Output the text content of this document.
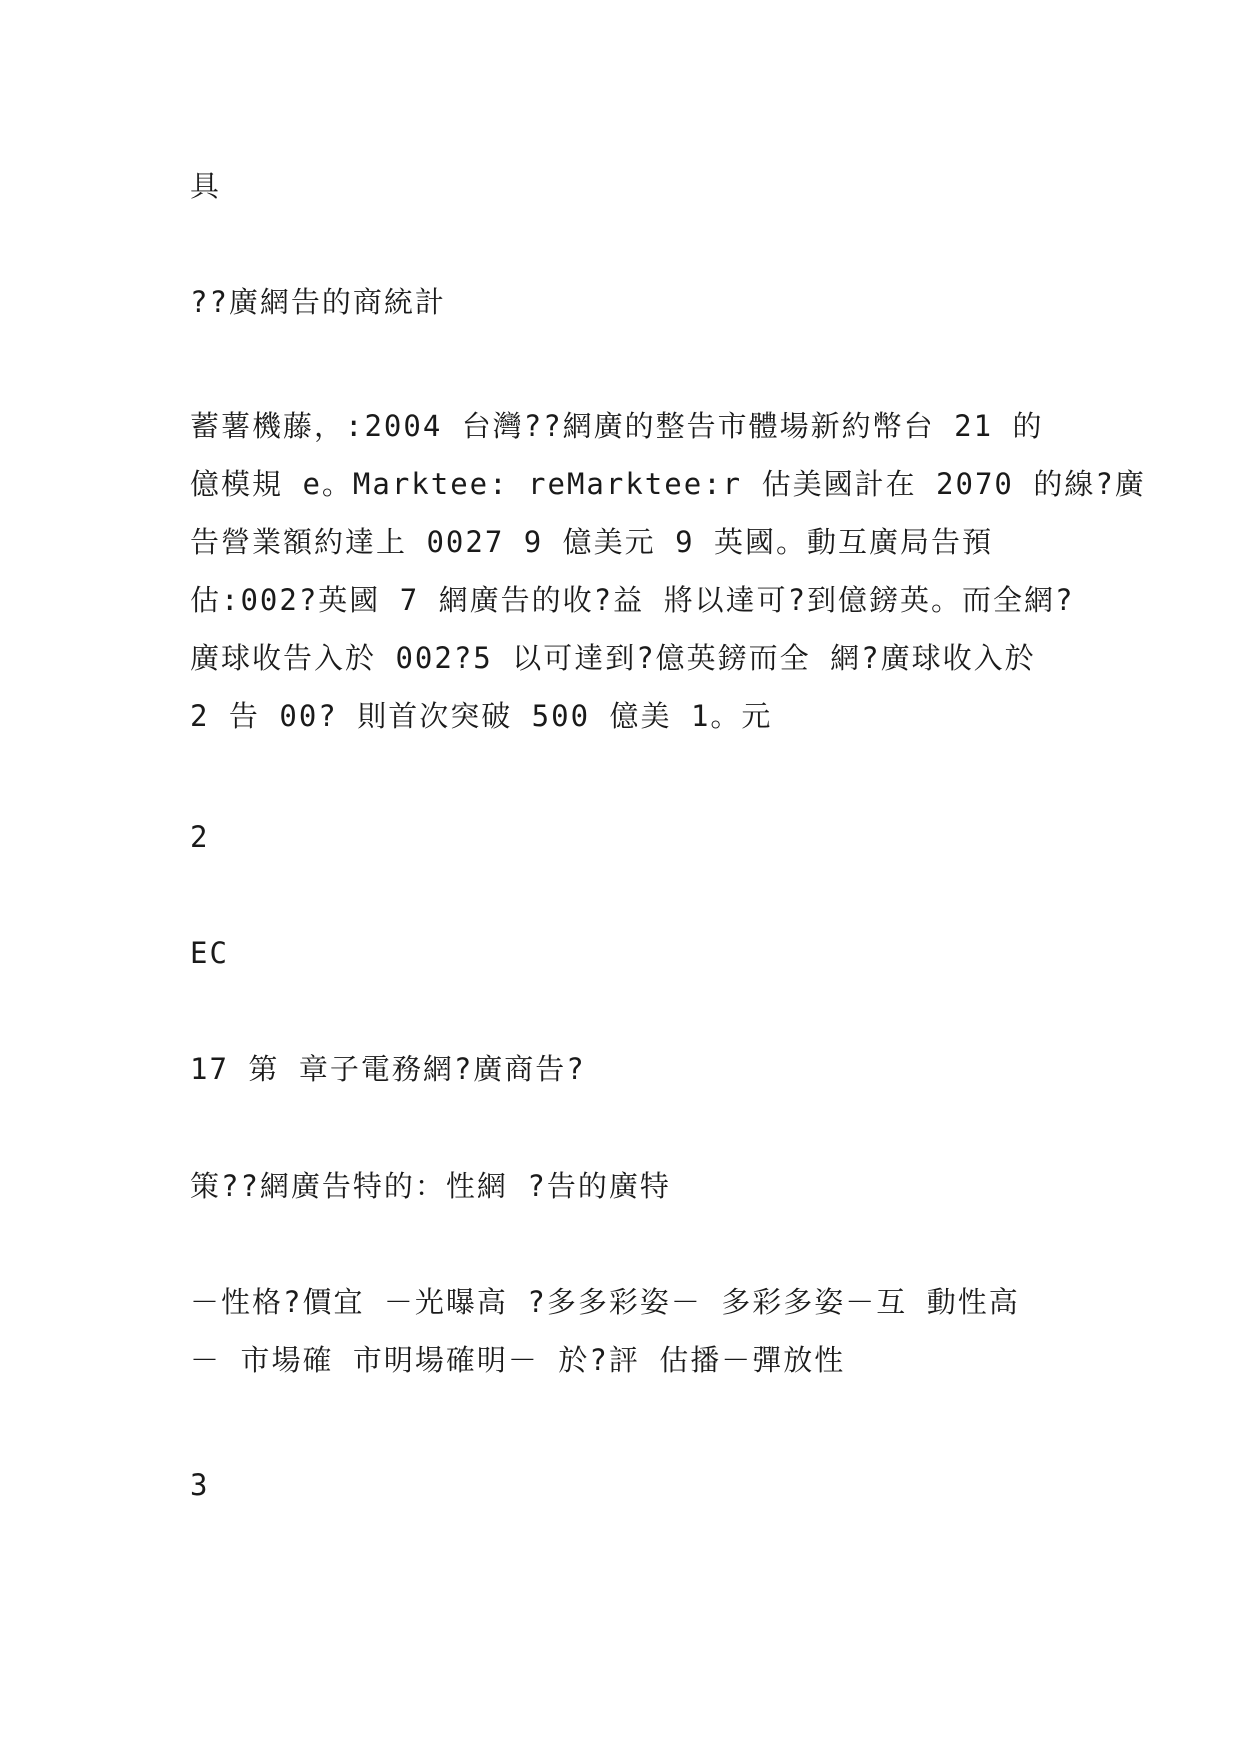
具

??廣網告的商統計

蓄薯機藤，:2004 台灣??網廣的整告市體場新約幣台 21 的
億模規 e。Marktee: reMarktee:r 估美國計在 2070 的線?廣
告營業額約達上 0027 9 億美元 9 英國。動互廣局告預
估:002?英國 7 網廣告的收?益 將以達可?到億鎊英。而全網?
廣球收告入於 002?5 以可達到?億英鎊而全 網?廣球收入於
2 告 00? 則首次突破 500 億美 1。元

2

EC

17 第 章子電務網?廣商告?

策??網廣告特的：性網 ?告的廣特

－性格?價宜 －光曝高 ?多多彩姿－ 多彩多姿－互 動性高
－ 市場確 市明場確明－ 於?評 估播－彈放性

3
